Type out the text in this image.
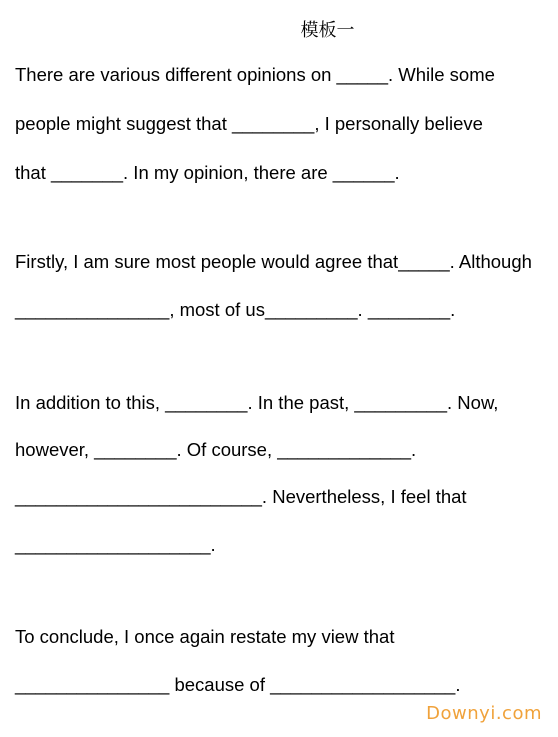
模板一
There are various different opinions on _____. While some
people might suggest that ________, I personally believe
that _______. In my opinion, there are ______.
Firstly, I am sure most people would agree that_____. Although
_______________, most of us_________. ________.
In addition to this, ________. In the past, _________. Now,
however, ________. Of course, _____________.
________________________. Nevertheless, I feel that
___________________.
To conclude, I once again restate my view that
_______________ because of __________________.
Downyi.com
